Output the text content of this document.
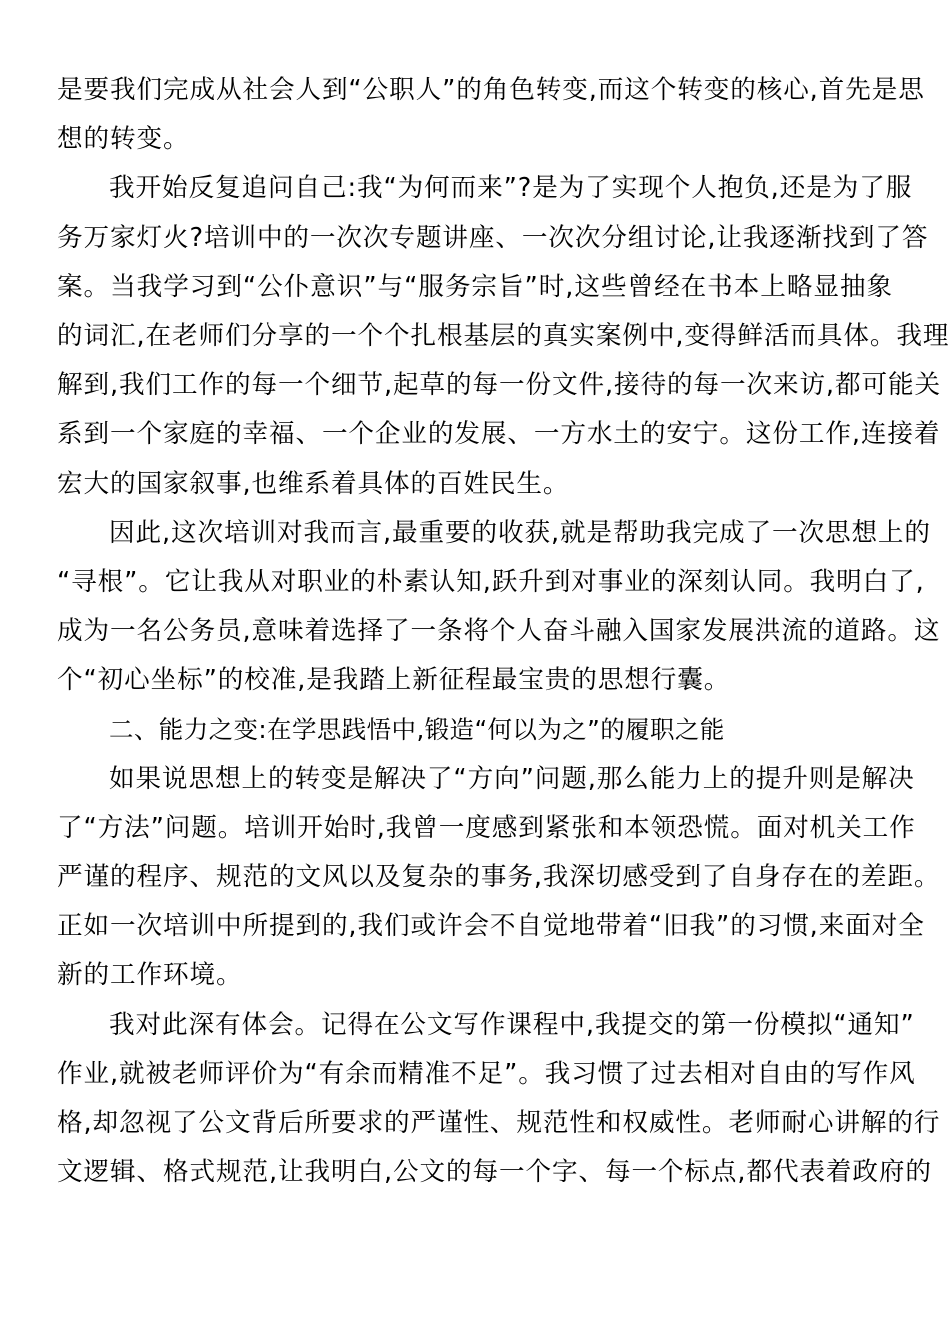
是要我们完成从社会人到“公职人”的角色转变,而这个转变的核心,首先是思
想的转变。
我开始反复追问自己:我“为何而来”?是为了实现个人抱负,还是为了服
务万家灯火?培训中的一次次专题讲座、一次次分组讨论,让我逐渐找到了答
案。当我学习到“公仆意识”与“服务宗旨”时,这些曾经在书本上略显抽象
的词汇,在老师们分享的一个个扎根基层的真实案例中,变得鲜活而具体。我理
解到,我们工作的每一个细节,起草的每一份文件,接待的每一次来访,都可能关
系到一个家庭的幸福、一个企业的发展、一方水土的安宁。这份工作,连接着
宏大的国家叙事,也维系着具体的百姓民生。
因此,这次培训对我而言,最重要的收获,就是帮助我完成了一次思想上的
“寻根”。它让我从对职业的朴素认知,跃升到对事业的深刻认同。我明白了,
成为一名公务员,意味着选择了一条将个人奋斗融入国家发展洪流的道路。这
个“初心坐标”的校准,是我踏上新征程最宝贵的思想行囊。
二、能力之变:在学思践悟中,锻造“何以为之”的履职之能
如果说思想上的转变是解决了“方向”问题,那么能力上的提升则是解决
了“方法”问题。培训开始时,我曾一度感到紧张和本领恐慌。面对机关工作
严谨的程序、规范的文风以及复杂的事务,我深切感受到了自身存在的差距。
正如一次培训中所提到的,我们或许会不自觉地带着“旧我”的习惯,来面对全
新的工作环境。
我对此深有体会。记得在公文写作课程中,我提交的第一份模拟“通知”
作业,就被老师评价为“有余而精准不足”。我习惯了过去相对自由的写作风
格,却忽视了公文背后所要求的严谨性、规范性和权威性。老师耐心讲解的行
文逻辑、格式规范,让我明白,公文的每一个字、每一个标点,都代表着政府的
